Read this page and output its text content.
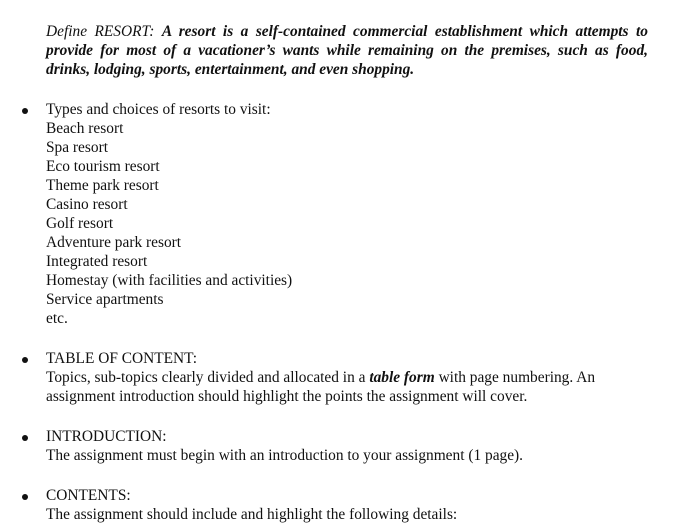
Define RESORT: A resort is a self-contained commercial establishment which attempts to provide for most of a vacationer’s wants while remaining on the premises, such as food, drinks, lodging, sports, entertainment, and even shopping.
Types and choices of resorts to visit:
Beach resort
Spa resort
Eco tourism resort
Theme park resort
Casino resort
Golf resort
Adventure park resort
Integrated resort
Homestay (with facilities and activities)
Service apartments
etc.
TABLE OF CONTENT:
Topics, sub-topics clearly divided and allocated in a table form with page numbering. An assignment introduction should highlight the points the assignment will cover.
INTRODUCTION:
The assignment must begin with an introduction to your assignment (1 page).
CONTENTS:
The assignment should include and highlight the following details:
